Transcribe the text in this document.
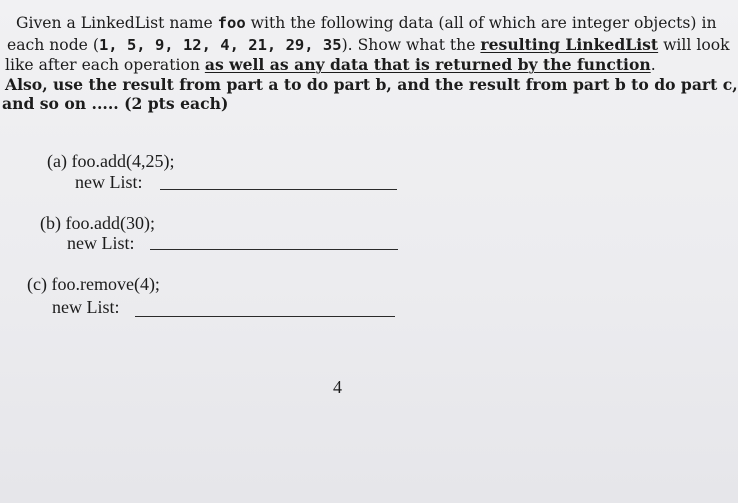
Given a LinkedList name foo with the following data (all of which are integer objects) in
each node (1, 5, 9, 12, 4, 21, 29, 35). Show what the resulting LinkedList will look
like after each operation as well as any data that is returned by the function.
Also, use the result from part a to do part b, and the result from part b to do part c,
and so on ..... (2 pts each)
(a) foo.add(4,25);
new List:
(b) foo.add(30);
new List:
(c) foo.remove(4);
new List:
4
